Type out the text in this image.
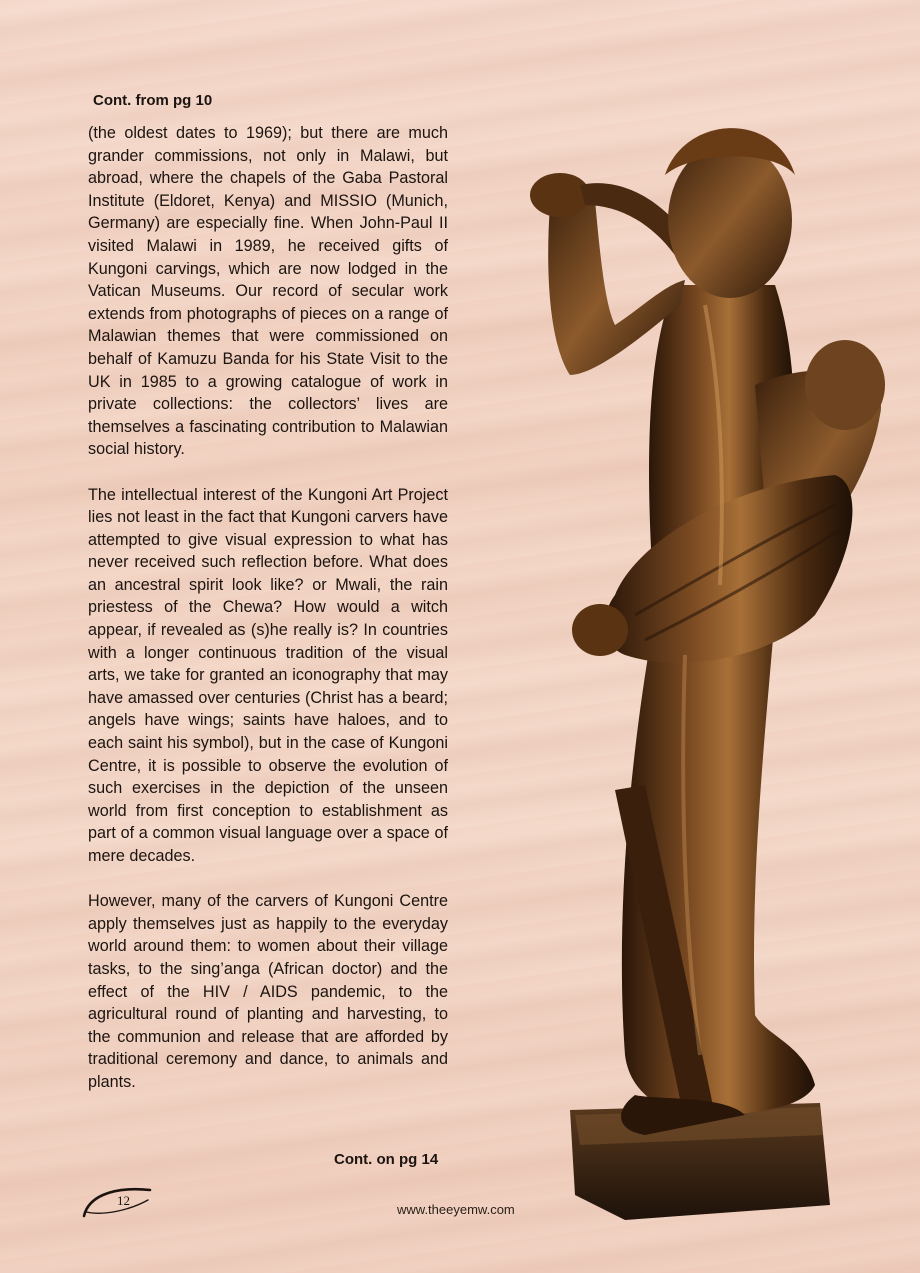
Cont. from pg 10

(the oldest dates to 1969); but there are much grander commissions, not only in Malawi, but abroad, where the chapels of the Gaba Pastoral Institute (Eldoret, Kenya) and MISSIO (Munich, Germany) are especially fine. When John-Paul II visited Malawi in 1989, he received gifts of Kungoni carvings, which are now lodged in the Vatican Museums. Our record of secular work extends from photographs of pieces on a range of Malawian themes that were commissioned on behalf of Kamuzu Banda for his State Visit to the UK in 1985 to a growing catalogue of work in private collections: the collectors’ lives are themselves a fascinating contribution to Malawian social history.

The intellectual interest of the Kungoni Art Project lies not least in the fact that Kungoni carvers have attempted to give visual expression to what has never received such reflection before. What does an ancestral spirit look like? or Mwali, the rain priestess of the Chewa? How would a witch appear, if revealed as (s)he really is? In countries with a longer continuous tradition of the visual arts, we take for granted an iconography that may have amassed over centuries (Christ has a beard; angels have wings; saints have haloes, and to each saint his symbol), but in the case of Kungoni Centre, it is possible to observe the evolution of such exercises in the depiction of the unseen world from first conception to establishment as part of a common visual language over a space of mere decades.

However, many of the carvers of Kungoni Centre apply themselves just as happily to the everyday world around them: to women about their village tasks, to the sing’anga (African doctor) and the effect of the HIV / AIDS pandemic, to the agricultural round of planting and harvesting, to the communion and release that are afforded by traditional ceremony and dance, to animals and plants.

Cont. on pg 14
12
www.theeyemw.com
